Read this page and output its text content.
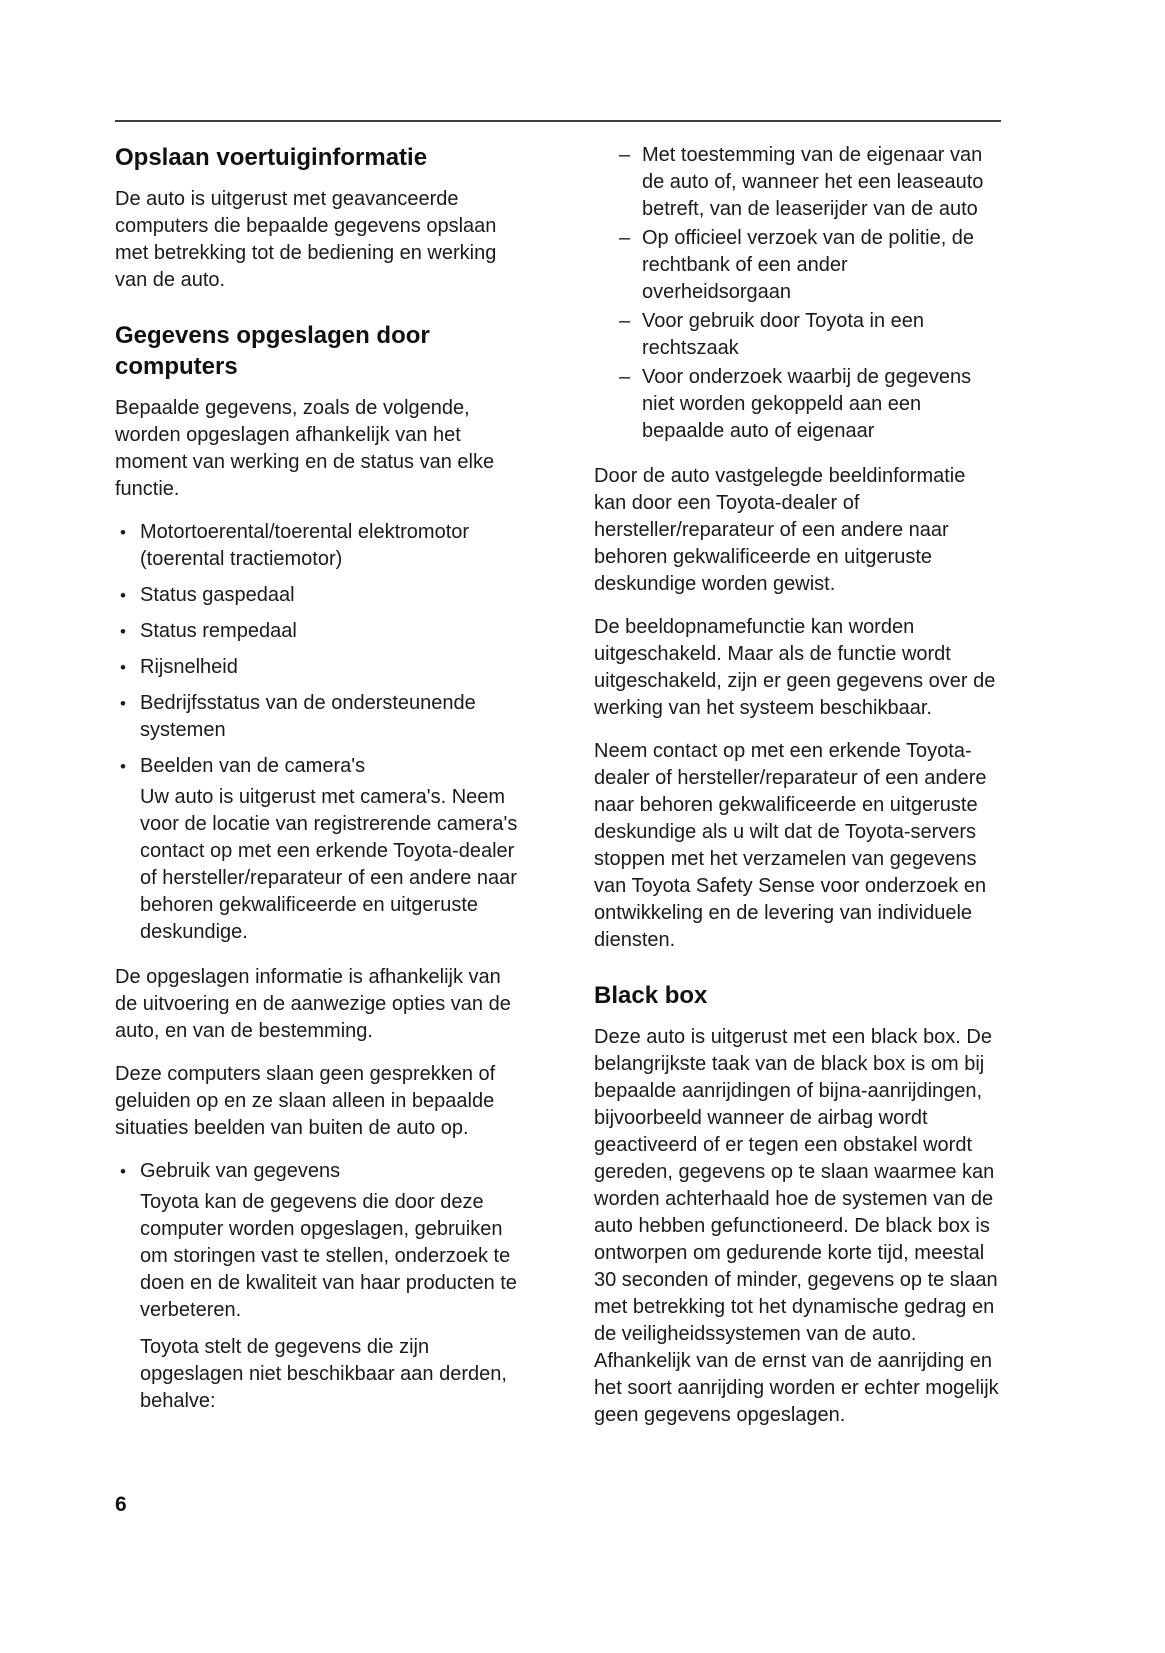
Opslaan voertuiginformatie

De auto is uitgerust met geavanceerde computers die bepaalde gegevens opslaan met betrekking tot de bediening en werking van de auto.

Gegevens opgeslagen door computers

Bepaalde gegevens, zoals de volgende, worden opgeslagen afhankelijk van het moment van werking en de status van elke functie.

• Motortoerental/toerental elektromotor (toerental tractiemotor)
• Status gaspedaal
• Status rempedaal
• Rijsnelheid
• Bedrijfsstatus van de ondersteunende systemen
• Beelden van de camera's

Uw auto is uitgerust met camera's. Neem voor de locatie van registrerende camera's contact op met een erkende Toyota-dealer of hersteller/reparateur of een andere naar behoren gekwalificeerde en uitgeruste deskundige.

De opgeslagen informatie is afhankelijk van de uitvoering en de aanwezige opties van de auto, en van de bestemming.

Deze computers slaan geen gesprekken of geluiden op en ze slaan alleen in bepaalde situaties beelden van buiten de auto op.

• Gebruik van gegevens

Toyota kan de gegevens die door deze computer worden opgeslagen, gebruiken om storingen vast te stellen, onderzoek te doen en de kwaliteit van haar producten te verbeteren.

Toyota stelt de gegevens die zijn opgeslagen niet beschikbaar aan derden, behalve:

– Met toestemming van de eigenaar van de auto of, wanneer het een leaseauto betreft, van de leaserijder van de auto
– Op officieel verzoek van de politie, de rechtbank of een ander overheidsorgaan
– Voor gebruik door Toyota in een rechtszaak
– Voor onderzoek waarbij de gegevens niet worden gekoppeld aan een bepaalde auto of eigenaar

Door de auto vastgelegde beeldinformatie kan door een Toyota-dealer of hersteller/reparateur of een andere naar behoren gekwalificeerde en uitgeruste deskundige worden gewist.

De beeldopnamefunctie kan worden uitgeschakeld. Maar als de functie wordt uitgeschakeld, zijn er geen gegevens over de werking van het systeem beschikbaar.

Neem contact op met een erkende Toyota-dealer of hersteller/reparateur of een andere naar behoren gekwalificeerde en uitgeruste deskundige als u wilt dat de Toyota-servers stoppen met het verzamelen van gegevens van Toyota Safety Sense voor onderzoek en ontwikkeling en de levering van individuele diensten.

Black box

Deze auto is uitgerust met een black box. De belangrijkste taak van de black box is om bij bepaalde aanrijdingen of bijna-aanrijdingen, bijvoorbeeld wanneer de airbag wordt geactiveerd of er tegen een obstakel wordt gereden, gegevens op te slaan waarmee kan worden achterhaald hoe de systemen van de auto hebben gefunctioneerd. De black box is ontworpen om gedurende korte tijd, meestal 30 seconden of minder, gegevens op te slaan met betrekking tot het dynamische gedrag en de veiligheidssystemen van de auto. Afhankelijk van de ernst van de aanrijding en het soort aanrijding worden er echter mogelijk geen gegevens opgeslagen.

6
